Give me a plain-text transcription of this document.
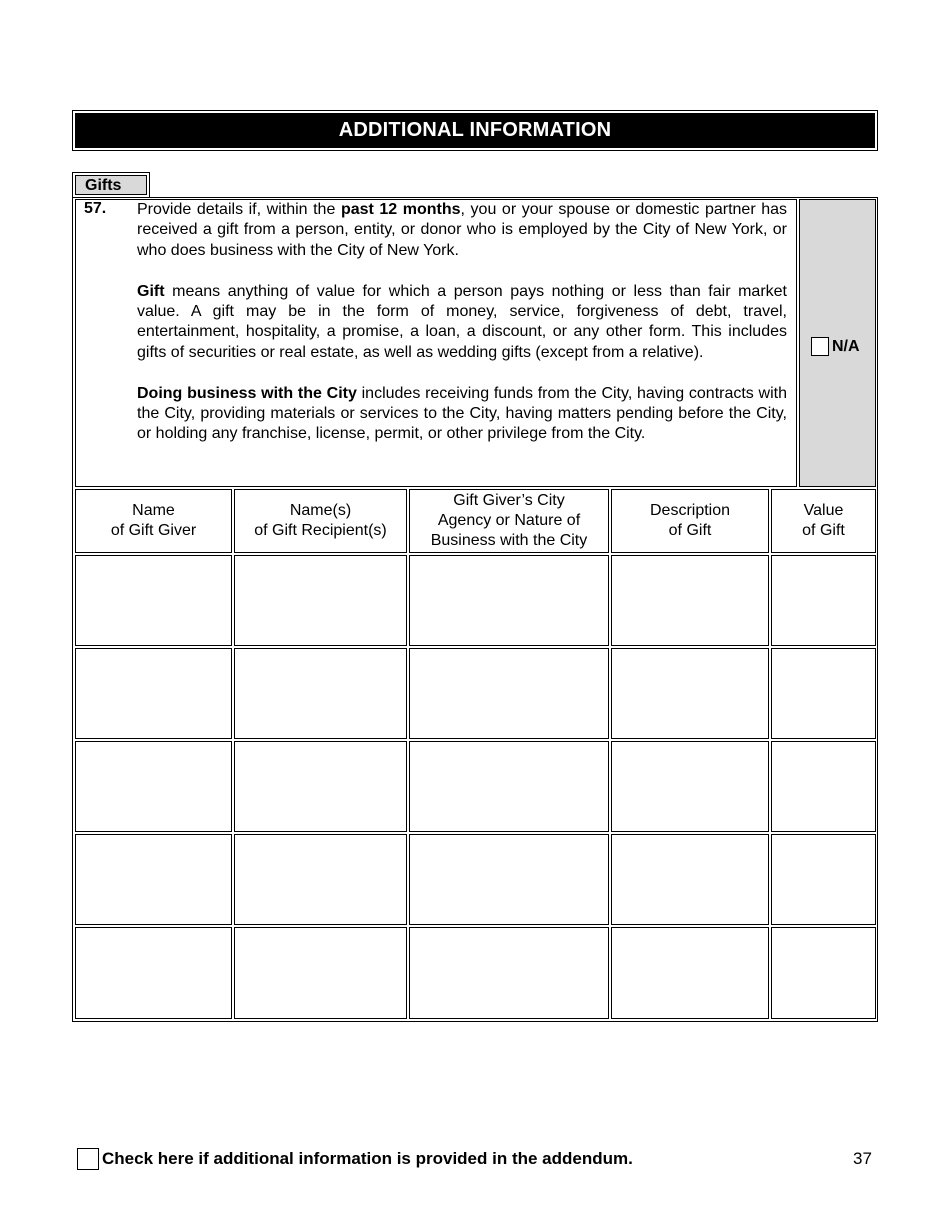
ADDITIONAL INFORMATION
Gifts
57. Provide details if, within the past 12 months, you or your spouse or domestic partner has received a gift from a person, entity, or donor who is employed by the City of New York, or who does business with the City of New York.

Gift means anything of value for which a person pays nothing or less than fair market value. A gift may be in the form of money, service, forgiveness of debt, travel, entertainment, hospitality, a promise, a loan, a discount, or any other form. This includes gifts of securities or real estate, as well as wedding gifts (except from a relative).

Doing business with the City includes receiving funds from the City, having contracts with the City, providing materials or services to the City, having matters pending before the City, or holding any franchise, license, permit, or other privilege from the City.

N/A
Name
of Gift Giver
Name(s)
of Gift Recipient(s)
Gift Giver’s City
Agency or Nature of
Business with the City
Description
of Gift
Value
of Gift
Check here if additional information is provided in the addendum.	37
